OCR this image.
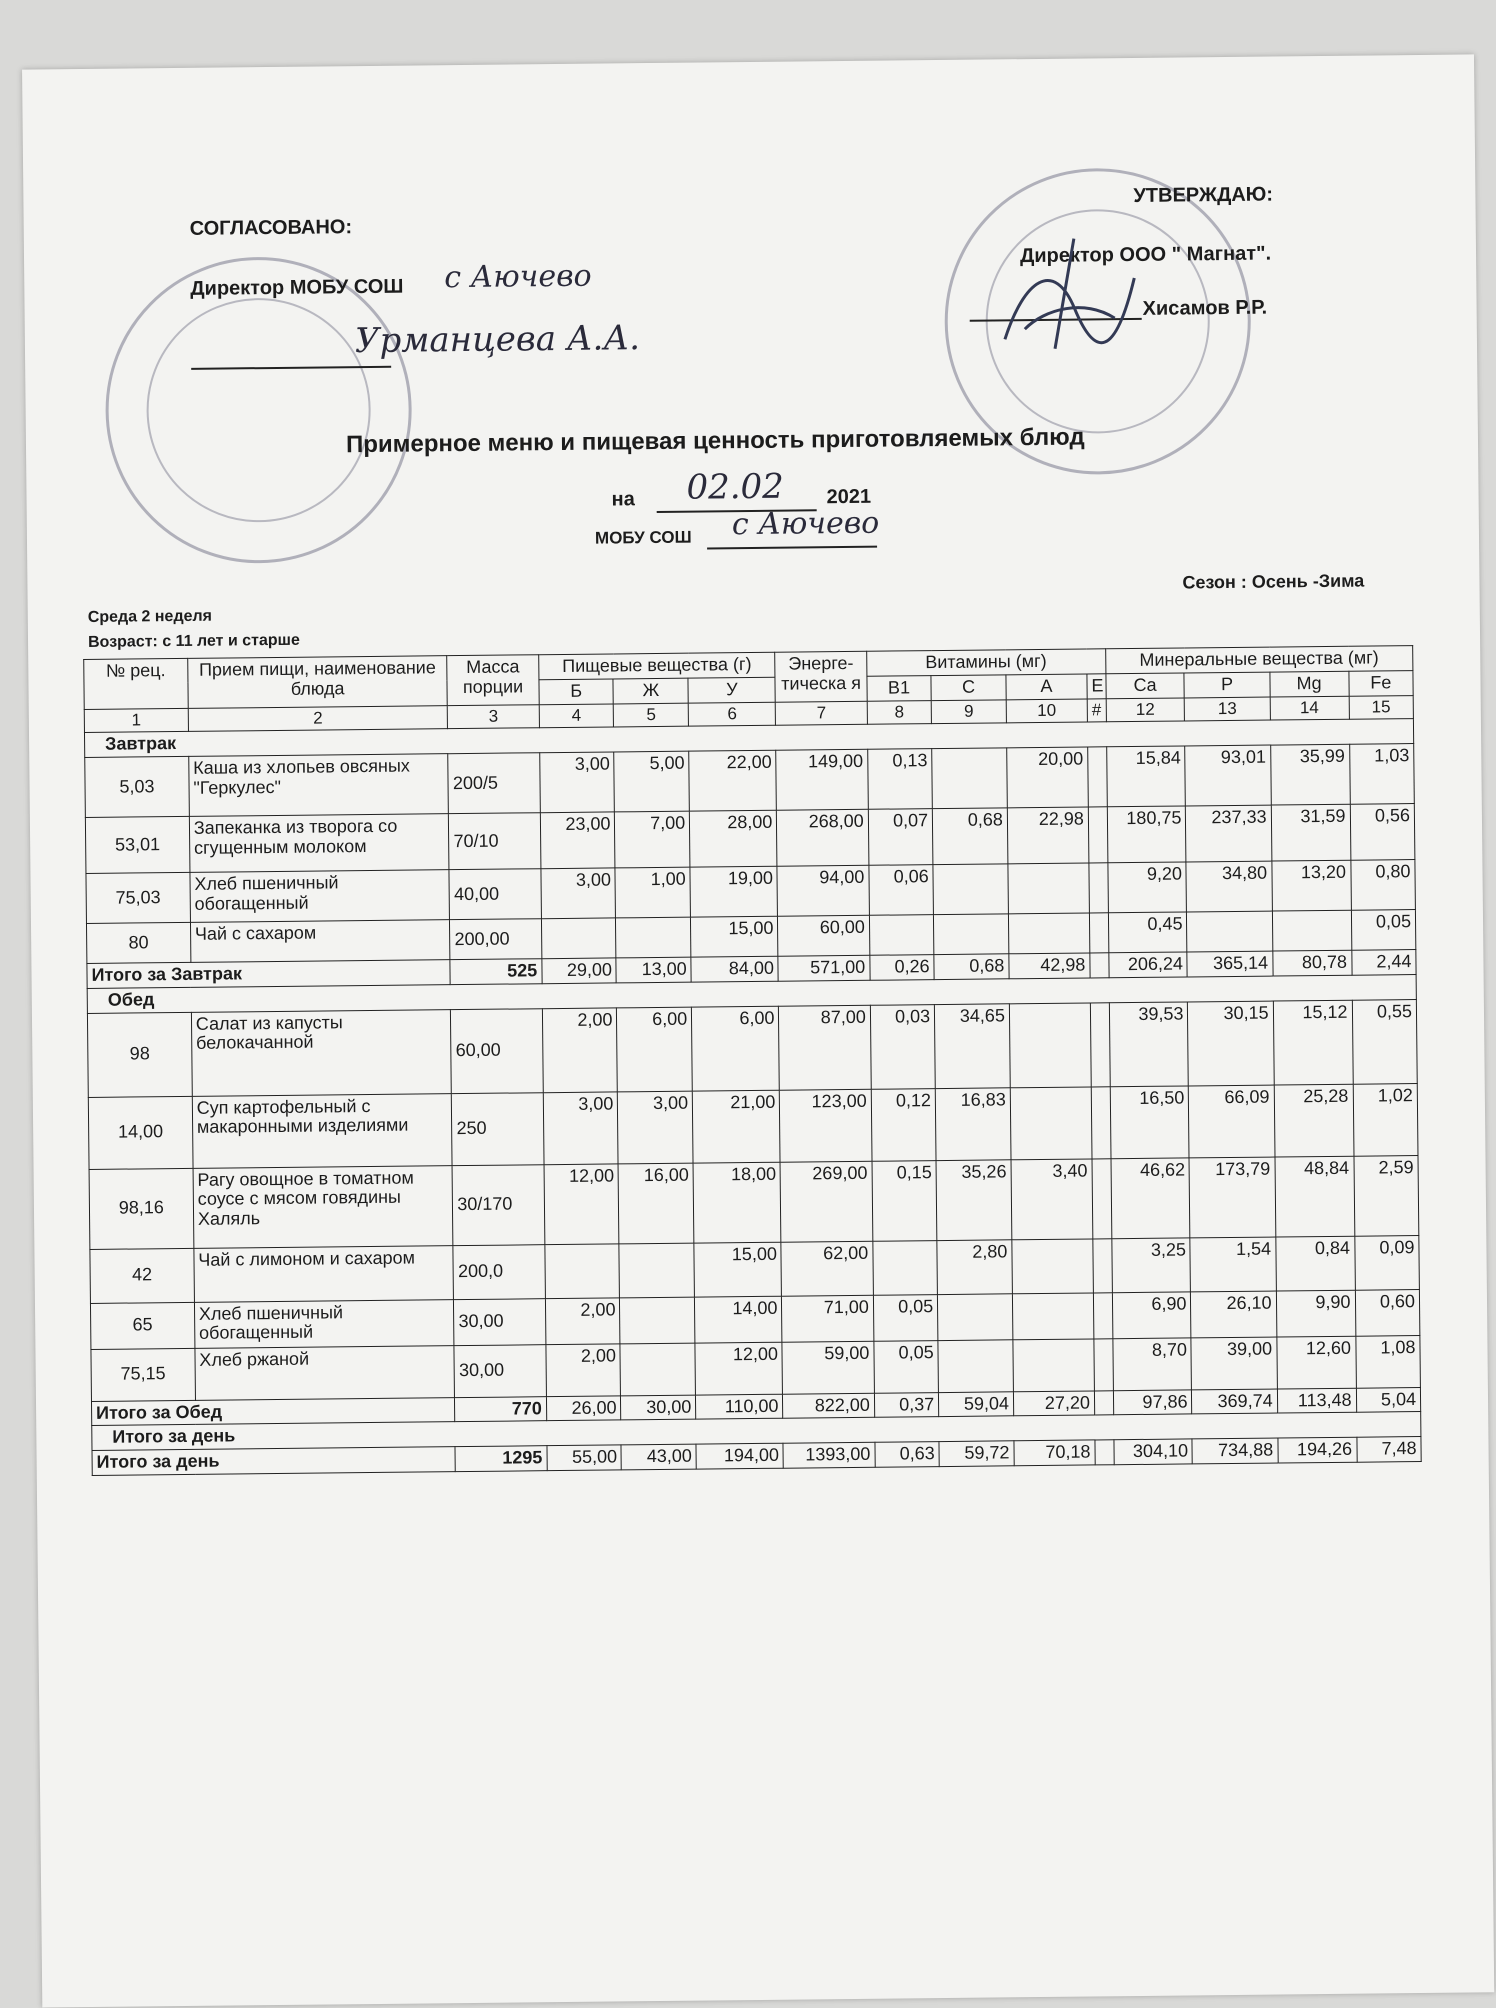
СОГЛАСОВАНО:
Директор МОБУ СОШ с Аючево
Урманцева А.А.
УТВЕРЖДАЮ:
Директор ООО " Магнат".
Хисамов Р.Р.
Примерное меню и пищевая ценность приготовляемых блюд
на 02.02 2021
МОБУ СОШ с Аючево
Сезон : Осень -Зима
Среда 2 неделя
Возраст: с 11 лет и старше
№ рец.	Прием пищи, наименование блюда	Масса порции	Пищевые вещества (г)			Энерге-тическа я	Витамины (мг)				Минеральные вещества (мг)			
			Б	Ж	У		В1	С	А	Е	Ca	P	Mg	Fe
1	2	3	4	5	6	7	8	9	10	#	12	13	14	15
Завтрак														
5,03	Каша из хлопьев овсяных "Геркулес"	200/5	3,00	5,00	22,00	149,00	0,13		20,00		15,84	93,01	35,99	1,03
53,01	Запеканка из творога со сгущенным молоком	70/10	23,00	7,00	28,00	268,00	0,07	0,68	22,98		180,75	237,33	31,59	0,56
75,03	Хлеб пшеничный обогащенный	40,00	3,00	1,00	19,00	94,00	0,06				9,20	34,80	13,20	0,80
80	Чай с сахаром	200,00			15,00	60,00					0,45			0,05
Итого за Завтрак		525	29,00	13,00	84,00	571,00	0,26	0,68	42,98		206,24	365,14	80,78	2,44
Обед														
98	Салат из капусты белокачанной	60,00	2,00	6,00	6,00	87,00	0,03	34,65			39,53	30,15	15,12	0,55
14,00	Суп картофельный с макаронными изделиями	250	3,00	3,00	21,00	123,00	0,12	16,83			16,50	66,09	25,28	1,02
98,16	Рагу овощное в томатном соусе с мясом говядины Халяль	30/170	12,00	16,00	18,00	269,00	0,15	35,26	3,40		46,62	173,79	48,84	2,59
42	Чай с лимоном и сахаром	200,0			15,00	62,00		2,80			3,25	1,54	0,84	0,09
65	Хлеб пшеничный обогащенный	30,00	2,00		14,00	71,00	0,05				6,90	26,10	9,90	0,60
75,15	Хлеб ржаной	30,00	2,00		12,00	59,00	0,05				8,70	39,00	12,60	1,08
Итого за Обед		770	26,00	30,00	110,00	822,00	0,37	59,04	27,20		97,86	369,74	113,48	5,04
Итого за день														
Итого за день		1295	55,00	43,00	194,00	1393,00	0,63	59,72	70,18		304,10	734,88	194,26	7,48
